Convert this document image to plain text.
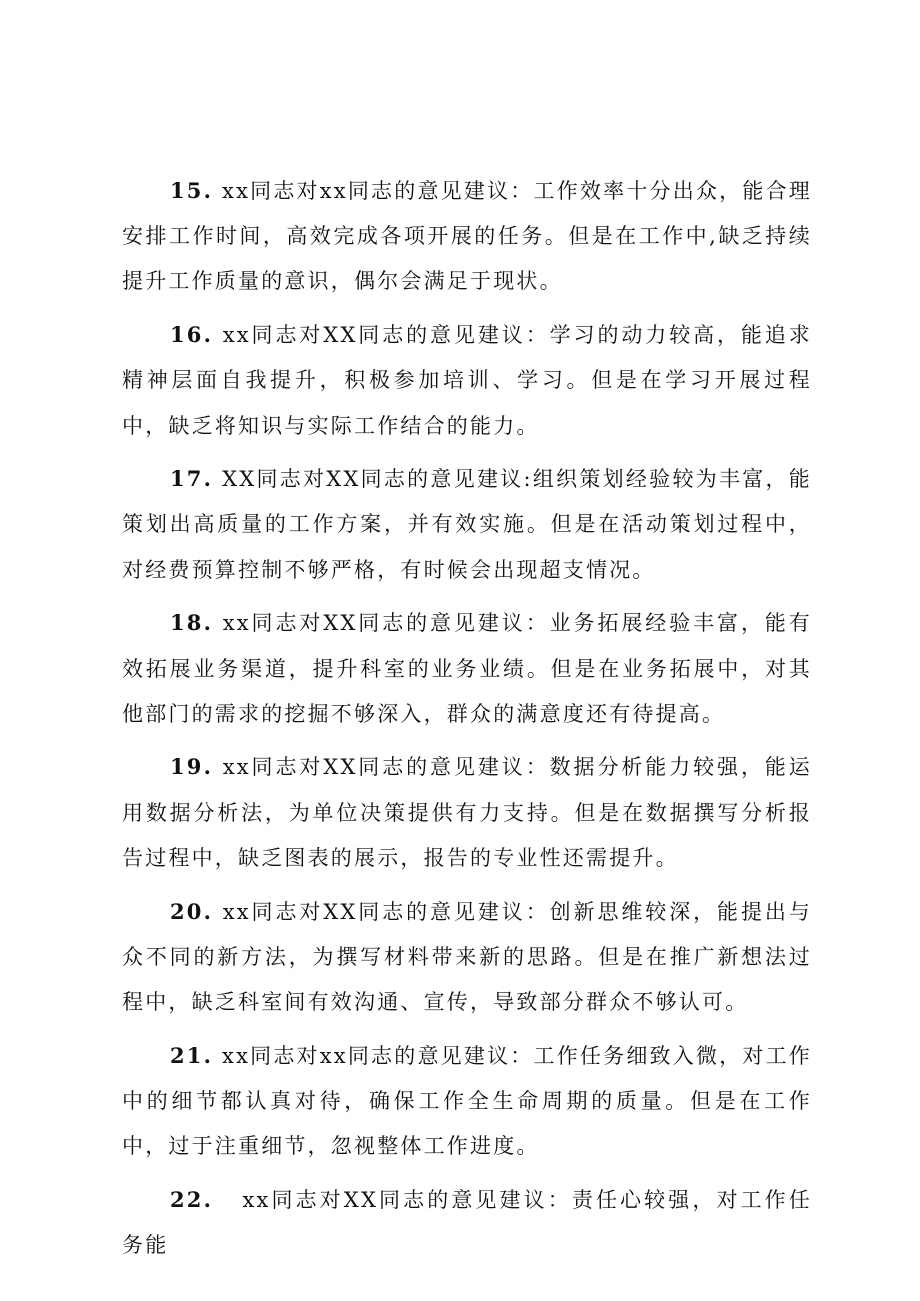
15. xx同志对xx同志的意见建议：工作效率十分出众，能合理安排工作时间，高效完成各项开展的任务。但是在工作中,缺乏持续提升工作质量的意识，偶尔会满足于现状。

16. xx同志对XX同志的意见建议：学习的动力较高，能追求精神层面自我提升，积极参加培训、学习。但是在学习开展过程中，缺乏将知识与实际工作结合的能力。

17. XX同志对XX同志的意见建议:组织策划经验较为丰富，能策划出高质量的工作方案，并有效实施。但是在活动策划过程中，对经费预算控制不够严格，有时候会出现超支情况。

18. xx同志对XX同志的意见建议：业务拓展经验丰富，能有效拓展业务渠道，提升科室的业务业绩。但是在业务拓展中，对其他部门的需求的挖掘不够深入，群众的满意度还有待提高。

19. xx同志对XX同志的意见建议：数据分析能力较强，能运用数据分析法，为单位决策提供有力支持。但是在数据撰写分析报告过程中，缺乏图表的展示，报告的专业性还需提升。

20. xx同志对XX同志的意见建议：创新思维较深，能提出与众不同的新方法，为撰写材料带来新的思路。但是在推广新想法过程中，缺乏科室间有效沟通、宣传，导致部分群众不够认可。

21. xx同志对xx同志的意见建议：工作任务细致入微，对工作中的细节都认真对待，确保工作全生命周期的质量。但是在工作中，过于注重细节，忽视整体工作进度。

22.   xx同志对XX同志的意见建议：责任心较强，对工作任务能
